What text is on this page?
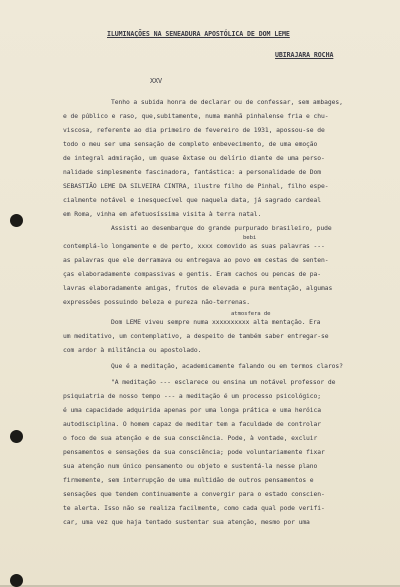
ILUMINAÇÕES NA SENEADURA APOSTÓLICA DE DOM LEME
UBIRAJARA ROCHA
XXV
Tenho a subida honra de declarar ou de confessar, sem ambages,
e de público e raso, que,subitamente, numa manhã pinhalense fria e chu-
viscosa, referente ao dia primeiro de fevereiro de 1931, apossou-se de
todo o meu ser uma sensação de completo enbevecimento, de uma emoção
de integral admiração, um quase êxtase ou delírio diante de uma perso-
nalidade simplesmente fascinadora, fantástica: a personalidade de Dom
SEBASTIÃO LEME DA SILVEIRA CINTRA, ilustre filho de Pinhal, filho espe-
cialmente notável e inesquecível que naquela data, já sagrado cardeal
em Roma, vinha em afetuosíssima visita à terra natal.
Assisti ao desembarque do grande purpurado brasileiro, pude
bebi
contemplá-lo longamente e de perto, xxxx comovido as suas palavras ---
as palavras que ele derramava ou entregava ao povo em cestas de senten-
ças elaboradamente compassivas e gentis. Eram cachos ou pencas de pa-
lavras elaboradamente amigas, frutos de elevada e pura mentação, algumas
expressões possuindo beleza e pureza não-terrenas.
atmosfera de
Dom LEME viveu sempre numa xxxxxxxxxx alta mentação. Era
um meditativo, um contemplativo, a despeito de também saber entregar-se
com ardor à militância ou apostolado.
Que é a meditação, academicamente falando ou em termos claros?
"A meditação --- esclarece ou ensina um notável professor de
psiquiatria de nosso tempo --- a meditação é um processo psicológico;
é uma capacidade adquirida apenas por uma longa prática e uma heróica
autodisciplina. O homem capaz de meditar tem a faculdade de controlar
o foco de sua atenção e de sua consciência. Pode, à vontade, excluir
pensamentos e sensações da sua consciência; pode voluntariamente fixar
sua atenção num único pensamento ou objeto e sustentá-la nesse plano
firmemente, sem interrupção de uma multidão de outros pensamentos e
sensações que tendem continuamente a convergir para o estado conscien-
te alerta. Isso não se realiza facilmente, como cada qual pode verifi-
car, uma vez que haja tentado sustentar sua atenção, mesmo por uma
